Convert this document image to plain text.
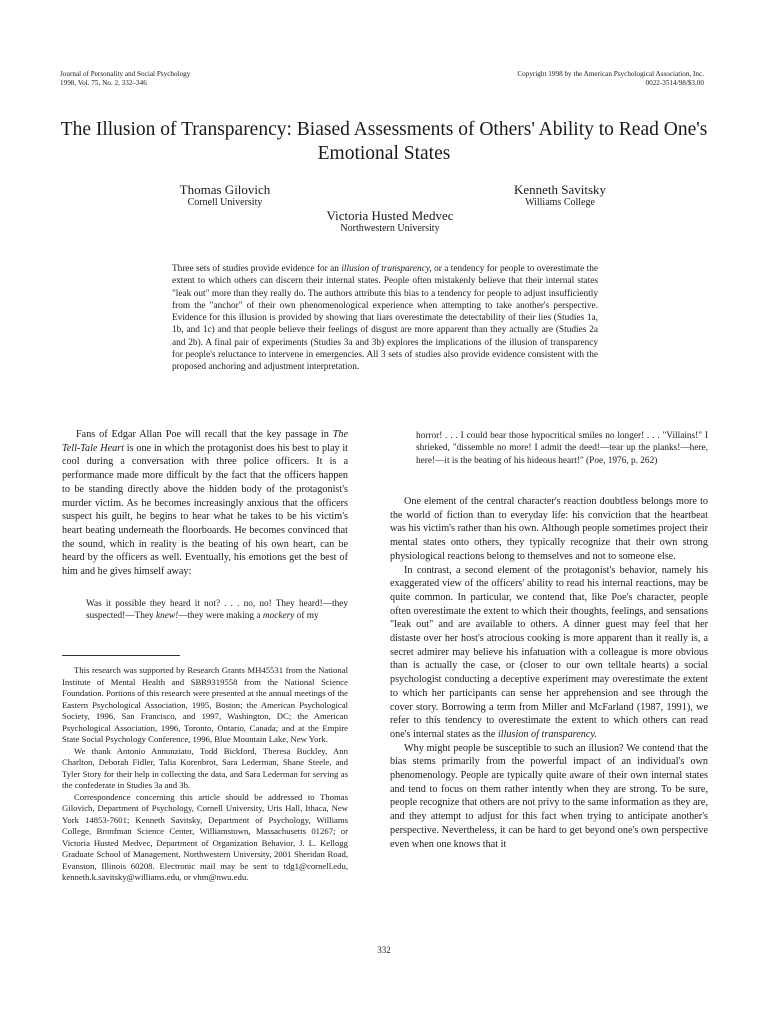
Journal of Personality and Social Psychology
1998, Vol. 75, No. 2, 332–346
Copyright 1998 by the American Psychological Association, Inc.
0022-3514/98/$3.00
The Illusion of Transparency: Biased Assessments of Others' Ability to Read One's Emotional States
Thomas Gilovich
Cornell University
Kenneth Savitsky
Williams College
Victoria Husted Medvec
Northwestern University
Three sets of studies provide evidence for an illusion of transparency, or a tendency for people to overestimate the extent to which others can discern their internal states. People often mistakenly believe that their internal states "leak out" more than they really do. The authors attribute this bias to a tendency for people to adjust insufficiently from the "anchor" of their own phenomenological experience when attempting to take another's perspective. Evidence for this illusion is provided by showing that liars overestimate the detectability of their lies (Studies 1a, 1b, and 1c) and that people believe their feelings of disgust are more apparent than they actually are (Studies 2a and 2b). A final pair of experiments (Studies 3a and 3b) explores the implications of the illusion of transparency for people's reluctance to intervene in emergencies. All 3 sets of studies also provide evidence consistent with the proposed anchoring and adjustment interpretation.

Fans of Edgar Allan Poe will recall that the key passage in The Tell-Tale Heart is one in which the protagonist does his best to play it cool during a conversation with three police officers. It is a performance made more difficult by the fact that the officers happen to be standing directly above the hidden body of the protagonist's murder victim. As he becomes increasingly anxious that the officers suspect his guilt, he begins to hear what he takes to be his victim's heart beating underneath the floorboards. He becomes convinced that the sound, which in reality is the beating of his own heart, can be heard by the officers as well. Eventually, his emotions get the best of him and he gives himself away:

Was it possible they heard it not? . . . no, no! They heard!—they suspected!—They knew!—they were making a mockery of my

This research was supported by Research Grants MH45531 from the National Institute of Mental Health and SBR9319558 from the National Science Foundation. Portions of this research were presented at the annual meetings of the Eastern Psychological Association, 1995, Boston; the American Psychological Society, 1996, San Francisco, and 1997, Washington, DC; the American Psychological Association, 1996, Toronto, Ontario, Canada; and at the Empire State Social Psychology Conference, 1996, Blue Mountain Lake, New York.

We thank Antonio Annunziato, Todd Bickford, Theresa Buckley, Ann Charlton, Deborah Fidler, Talia Korenbrot, Sara Lederman, Shane Steele, and Tyler Story for their help in collecting the data, and Sara Lederman for serving as the confederate in Studies 3a and 3b.

Correspondence concerning this article should be addressed to Thomas Gilovich, Department of Psychology, Cornell University, Uris Hall, Ithaca, New York 14853-7601; Kenneth Savitsky, Department of Psychology, Williams College, Bronfman Science Center, Williamstown, Massachusetts 01267; or Victoria Husted Medvec, Department of Organization Behavior, J. L. Kellogg Graduate School of Management, Northwestern University, 2001 Sheridan Road, Evanston, Illinois 60208. Electronic mail may be sent to tdg1@cornell.edu, kenneth.k.savitsky@williams.edu, or vhm@nwu.edu.

horror! . . . I could bear those hypocritical smiles no longer! . . . "Villains!" I shrieked, "dissemble no more! I admit the deed!—tear up the planks!—here, here!—it is the beating of his hideous heart!" (Poe, 1976, p. 262)

One element of the central character's reaction doubtless belongs more to the world of fiction than to everyday life: his conviction that the heartbeat was his victim's rather than his own. Although people sometimes project their mental states onto others, they typically recognize that their own strong physiological reactions belong to themselves and not to someone else.

In contrast, a second element of the protagonist's behavior, namely his exaggerated view of the officers' ability to read his internal reactions, may be quite common. In particular, we contend that, like Poe's character, people often overestimate the extent to which their thoughts, feelings, and sensations "leak out" and are available to others. A dinner guest may feel that her distaste over her host's atrocious cooking is more apparent than it really is, a secret admirer may believe his infatuation with a colleague is more obvious than is actually the case, or (closer to our own telltale hearts) a social psychologist conducting a deceptive experiment may overestimate the extent to which her participants can sense her apprehension and see through the cover story. Borrowing a term from Miller and McFarland (1987, 1991), we refer to this tendency to overestimate the extent to which others can read one's internal states as the illusion of transparency.

Why might people be susceptible to such an illusion? We contend that the bias stems primarily from the powerful impact of an individual's own phenomenology. People are typically quite aware of their own internal states and tend to focus on them rather intently when they are strong. To be sure, people recognize that others are not privy to the same information as they are, and they attempt to adjust for this fact when trying to anticipate another's perspective. Nevertheless, it can be hard to get beyond one's own perspective even when one knows that it

332
